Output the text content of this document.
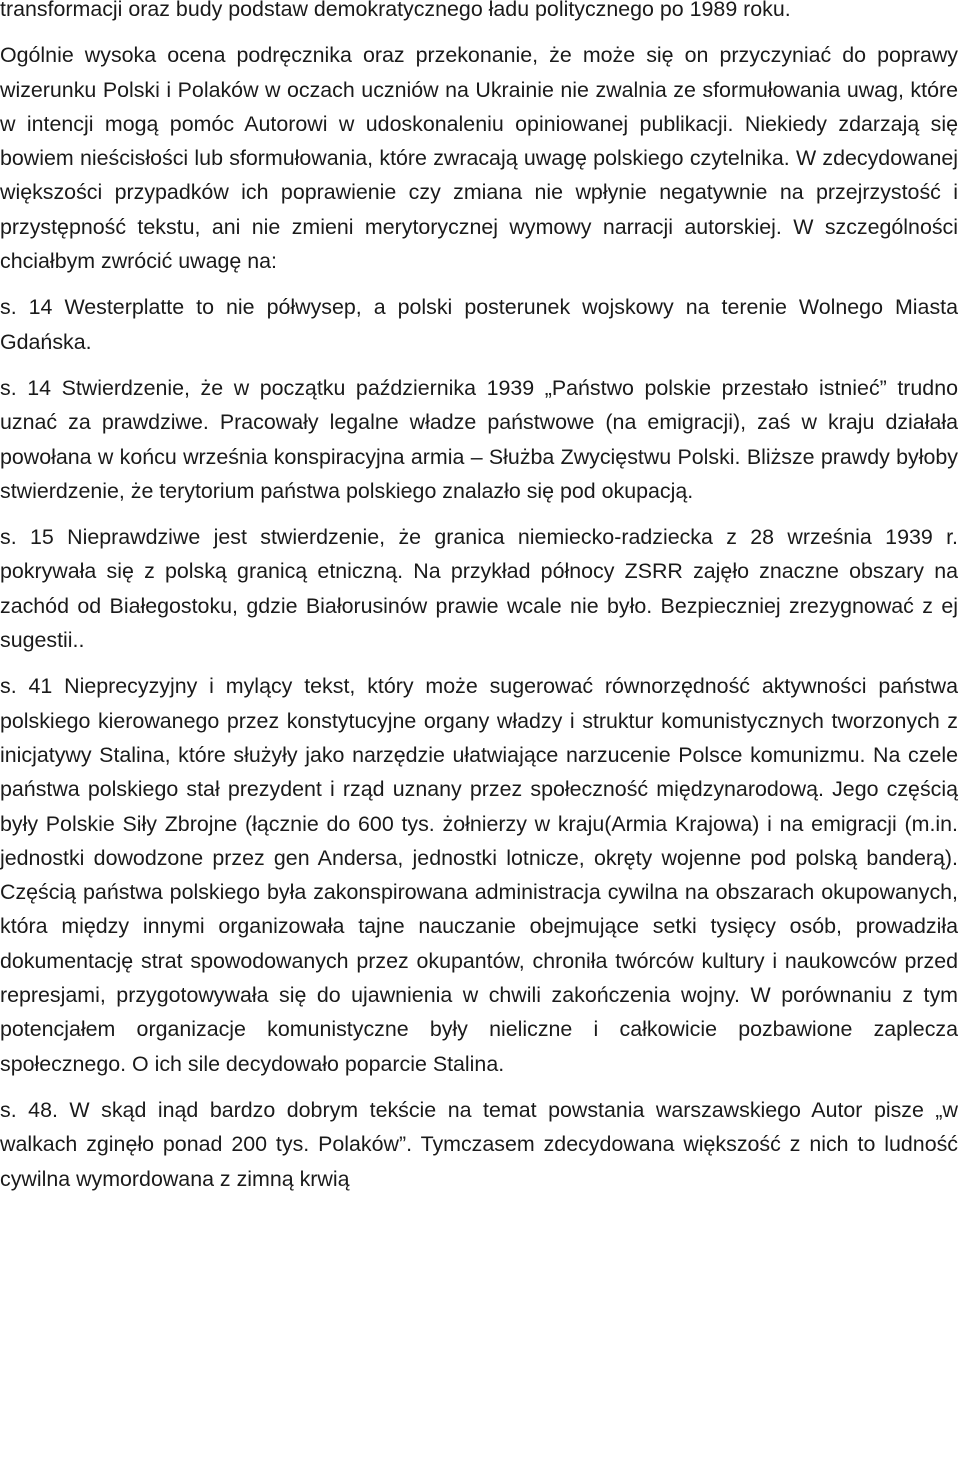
transformacji oraz budy podstaw demokratycznego ładu politycznego po 1989 roku.

Ogólnie wysoka ocena podręcznika oraz przekonanie, że może się on przyczyniać do poprawy wizerunku Polski i Polaków w oczach uczniów na Ukrainie nie zwalnia ze sformułowania uwag, które w intencji mogą pomóc Autorowi w udoskonaleniu opiniowanej publikacji. Niekiedy zdarzają się bowiem nieścisłości lub sformułowania, które zwracają uwagę polskiego czytelnika. W zdecydowanej większości przypadków ich poprawienie czy zmiana nie wpłynie negatywnie na przejrzystość i przystępność tekstu, ani nie zmieni merytorycznej wymowy narracji autorskiej. W szczególności chciałbym zwrócić uwagę na:

s. 14 Westerplatte to nie półwysep, a polski posterunek wojskowy na terenie Wolnego Miasta Gdańska.

s. 14 Stwierdzenie, że w początku października 1939 „Państwo polskie przestało istnieć” trudno uznać za prawdziwe. Pracowały legalne władze państwowe (na emigracji), zaś w kraju działała powołana w końcu września konspiracyjna armia – Służba Zwycięstwu Polski. Bliższe prawdy byłoby stwierdzenie, że terytorium państwa polskiego znalazło się pod okupacją.

s. 15 Nieprawdziwe jest stwierdzenie, że granica niemiecko-radziecka z 28 września 1939 r. pokrywała się z polską granicą etniczną. Na przykład północy ZSRR zajęło znaczne obszary na zachód od Białegostoku, gdzie Białorusinów prawie wcale nie było. Bezpieczniej zrezygnować z ej sugestii..

s. 41 Nieprecyzyjny i mylący tekst, który może sugerować równorzędność aktywności państwa polskiego kierowanego przez konstytucyjne organy władzy i struktur komunistycznych tworzonych z inicjatywy Stalina, które służyły jako narzędzie ułatwiające narzucenie Polsce komunizmu. Na czele państwa polskiego stał prezydent i rząd uznany przez społeczność międzynarodową. Jego częścią były Polskie Siły Zbrojne (łącznie do 600 tys. żołnierzy w kraju(Armia Krajowa) i na emigracji (m.in. jednostki dowodzone przez gen Andersa, jednostki lotnicze, okręty wojenne pod polską banderą). Częścią państwa polskiego była zakonspirowana administracja cywilna na obszarach okupowanych, która między innymi organizowała tajne nauczanie obejmujące setki tysięcy osób, prowadziła dokumentację strat spowodowanych przez okupantów, chroniła twórców kultury i naukowców przed represjami, przygotowywała się do ujawnienia w chwili zakończenia wojny. W porównaniu z tym potencjałem organizacje komunistyczne były nieliczne i całkowicie pozbawione zaplecza społecznego. O ich sile decydowało poparcie Stalina.

s. 48. W skąd inąd bardzo dobrym tekście na temat powstania warszawskiego Autor pisze „w walkach zginęło ponad 200 tys. Polaków”. Tymczasem zdecydowana większość z nich to ludność cywilna wymordowana z zimną krwią
